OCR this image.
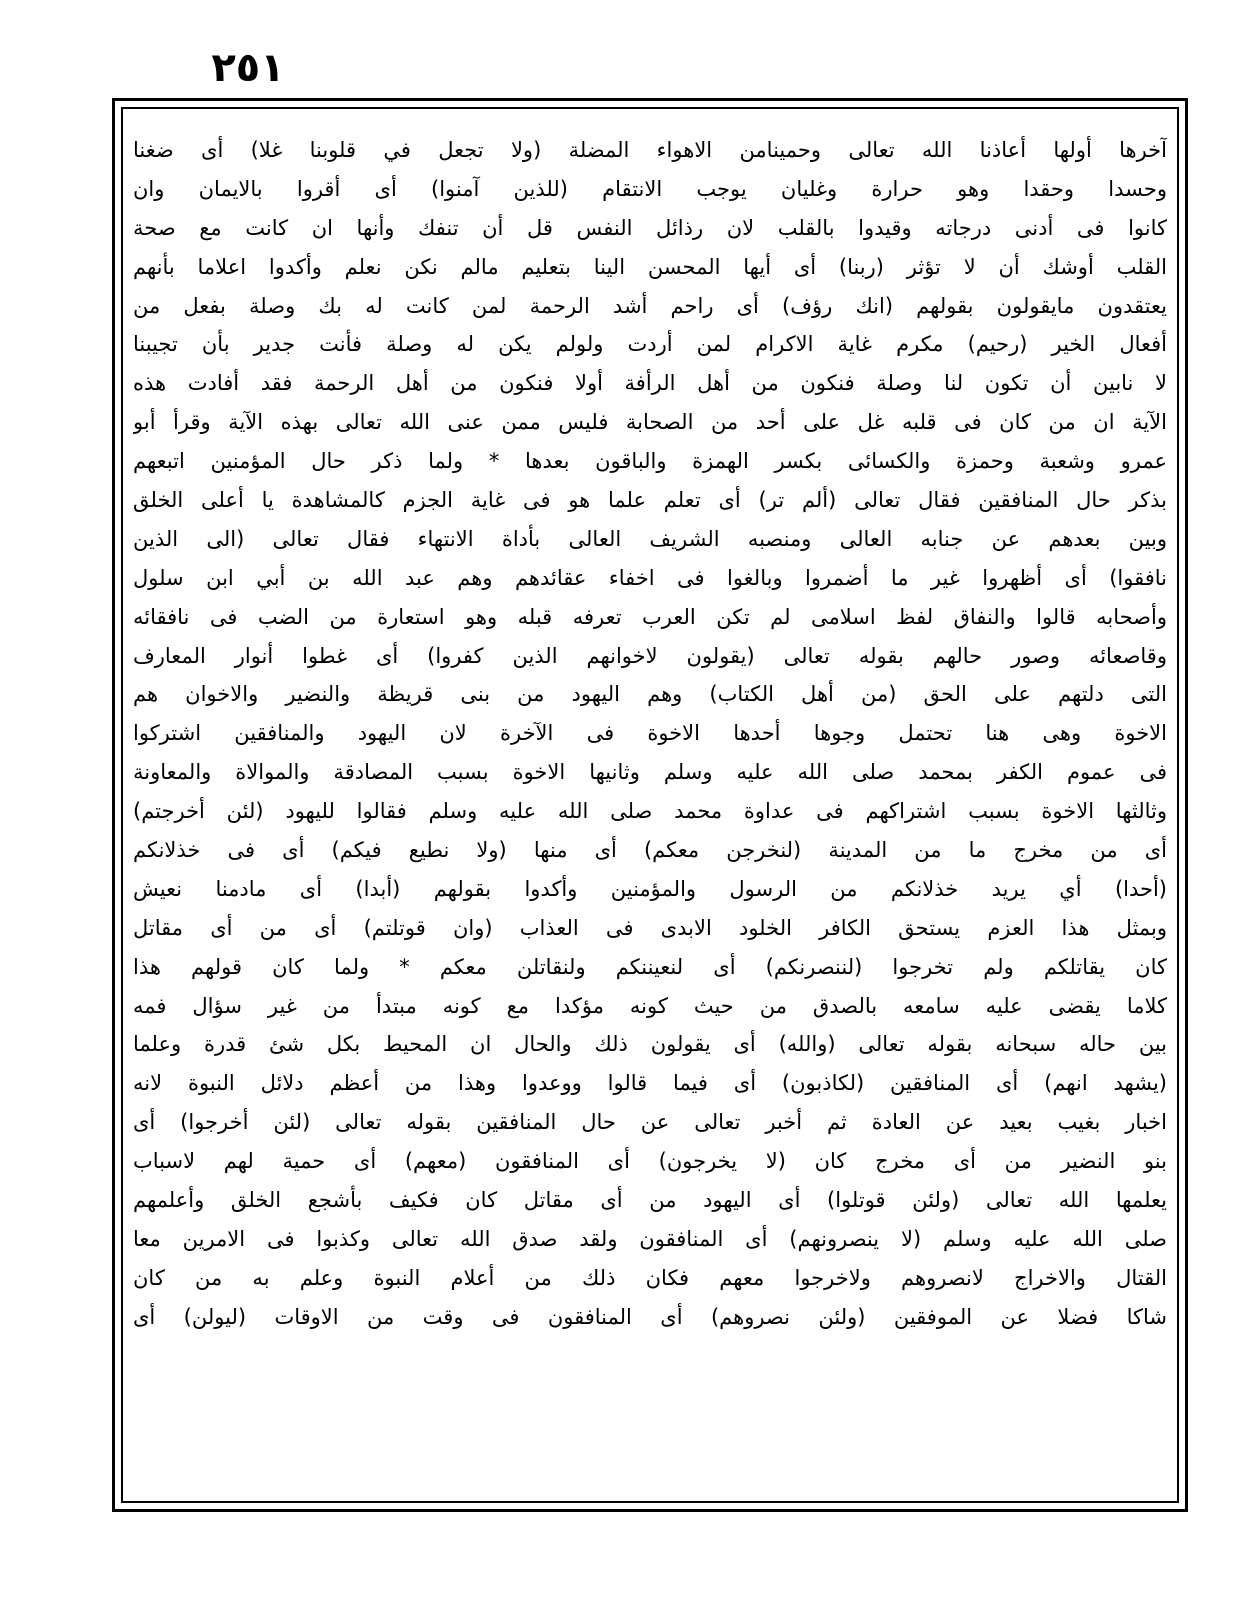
٢٥١
آخرها أولها أعاذنا الله تعالى وحمينامن الاهواء المضلة (ولا تجعل في قلوبنا غلا) أى ضغنا
وحسدا وحقدا وهو حرارة وغليان يوجب الانتقام (للذين آمنوا) أى أقروا بالايمان وان
كانوا فى أدنى درجاته وقيدوا بالقلب لان رذائل النفس قل أن تنفك وأنها ان كانت مع صحة
القلب أوشك أن لا تؤثر (ربنا) أى أيها المحسن الينا بتعليم مالم نكن نعلم وأكدوا اعلاما بأنهم
يعتقدون مايقولون بقولهم (انك رؤف) أى راحم أشد الرحمة لمن كانت له بك وصلة بفعل من
أفعال الخير (رحيم) مكرم غاية الاكرام لمن أردت ولولم يكن له وصلة فأنت جدير بأن تجيبنا
لا نابين أن تكون لنا وصلة فنكون من أهل الرأفة أولا فنكون من أهل الرحمة فقد أفادت هذه
الآية ان من كان فى قلبه غل على أحد من الصحابة فليس ممن عنى الله تعالى بهذه الآية وقرأ أبو
عمرو وشعبة وحمزة والكسائى بكسر الهمزة والباقون بعدها * ولما ذكر حال المؤمنين اتبعهم
بذكر حال المنافقين فقال تعالى (ألم تر) أى تعلم علما هو فى غاية الجزم كالمشاهدة يا أعلى الخلق
وبين بعدهم عن جنابه العالى ومنصبه الشريف العالى بأداة الانتهاء فقال تعالى (الى الذين
نافقوا) أى أظهروا غير ما أضمروا وبالغوا فى اخفاء عقائدهم وهم عبد الله بن أبي ابن سلول
وأصحابه قالوا والنفاق لفظ اسلامى لم تكن العرب تعرفه قبله وهو استعارة من الضب فى نافقائه
وقاصعائه وصور حالهم بقوله تعالى (يقولون لاخوانهم الذين كفروا) أى غطوا أنوار المعارف
التى دلتهم على الحق (من أهل الكتاب) وهم اليهود من بنى قريظة والنضير والاخوان هم
الاخوة وهى هنا تحتمل وجوها أحدها الاخوة فى الآخرة لان اليهود والمنافقين اشتركوا
فى عموم الكفر بمحمد صلى الله عليه وسلم وثانيها الاخوة بسبب المصادقة والموالاة والمعاونة
وثالثها الاخوة بسبب اشتراكهم فى عداوة محمد صلى الله عليه وسلم فقالوا لليهود (لئن أخرجتم)
أى من مخرج ما من المدينة (لنخرجن معكم) أى منها (ولا نطيع فيكم) أى فى خذلانكم
(أحدا) أي يريد خذلانكم من الرسول والمؤمنين وأكدوا بقولهم (أبدا) أى مادمنا نعيش
وبمثل هذا العزم يستحق الكافر الخلود الابدى فى العذاب (وان قوتلتم) أى من أى مقاتل
كان يقاتلكم ولم تخرجوا (لننصرنكم) أى لنعيننكم ولنقاتلن معكم * ولما كان قولهم هذا
كلاما يقضى عليه سامعه بالصدق من حيث كونه مؤكدا مع كونه مبتدأ من غير سؤال فمه
بين حاله سبحانه بقوله تعالى (والله) أى يقولون ذلك والحال ان المحيط بكل شئ قدرة وعلما
(يشهد انهم) أى المنافقين (لكاذبون) أى فيما قالوا ووعدوا وهذا من أعظم دلائل النبوة لانه
اخبار بغيب بعيد عن العادة ثم أخبر تعالى عن حال المنافقين بقوله تعالى (لئن أخرجوا) أى
بنو النضير من أى مخرج كان (لا يخرجون) أى المنافقون (معهم) أى حمية لهم لاسباب
يعلمها الله تعالى (ولئن قوتلوا) أى اليهود من أى مقاتل كان فكيف بأشجع الخلق وأعلمهم
صلى الله عليه وسلم (لا ينصرونهم) أى المنافقون ولقد صدق الله تعالى وكذبوا فى الامرين معا
القتال والاخراج لانصروهم ولاخرجوا معهم فكان ذلك من أعلام النبوة وعلم به من كان
شاكا فضلا عن الموفقين (ولئن نصروهم) أى المنافقون فى وقت من الاوقات (ليولن) أى
